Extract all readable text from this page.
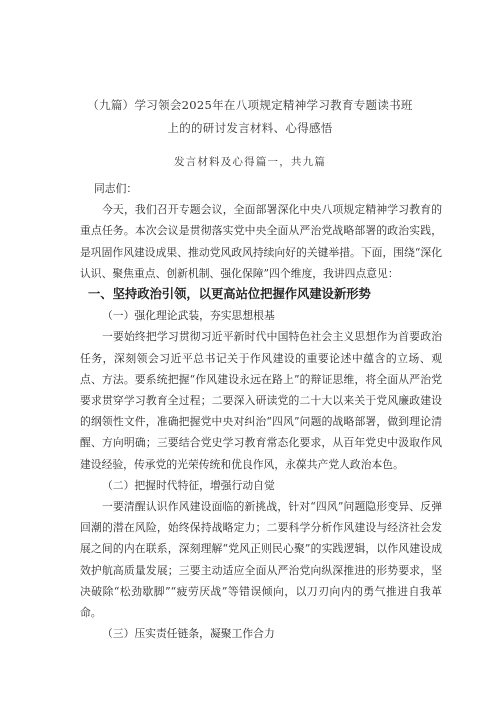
（九篇）学习领会2025年在八项规定精神学习教育专题读书班
上的的研讨发言材料、心得感悟
发言材料及心得篇一，共九篇

同志们：

今天，我们召开专题会议，全面部署深化中央八项规定精神学习教育的重点任务。本次会议是贯彻落实党中央全面从严治党战略部署的政治实践，是巩固作风建设成果、推动党风政风持续向好的关键举措。下面，围绕“深化认识、聚焦重点、创新机制、强化保障”四个维度，我讲四点意见：

一、坚持政治引领，以更高站位把握作风建设新形势

（一）强化理论武装，夯实思想根基

一要始终把学习贯彻习近平新时代中国特色社会主义思想作为首要政治任务，深刻领会习近平总书记关于作风建设的重要论述中蕴含的立场、观点、方法。要系统把握“作风建设永远在路上”的辩证思维，将全面从严治党要求贯穿学习教育全过程；二要深入研读党的二十大以来关于党风廉政建设的纲领性文件，准确把握党中央对纠治“四风”问题的战略部署，做到理论清醒、方向明确；三要结合党史学习教育常态化要求，从百年党史中汲取作风建设经验，传承党的光荣传统和优良作风，永葆共产党人政治本色。

（二）把握时代特征，增强行动自觉

一要清醒认识作风建设面临的新挑战，针对“四风”问题隐形变异、反弹回潮的潜在风险，始终保持战略定力；二要科学分析作风建设与经济社会发展之间的内在联系，深刻理解“党风正则民心聚”的实践逻辑，以作风建设成效护航高质量发展；三要主动适应全面从严治党向纵深推进的形势要求，坚决破除“松劲歇脚”“疲劳厌战”等错误倾向，以刀刃向内的勇气推进自我革命。

（三）压实责任链条，凝聚工作合力
